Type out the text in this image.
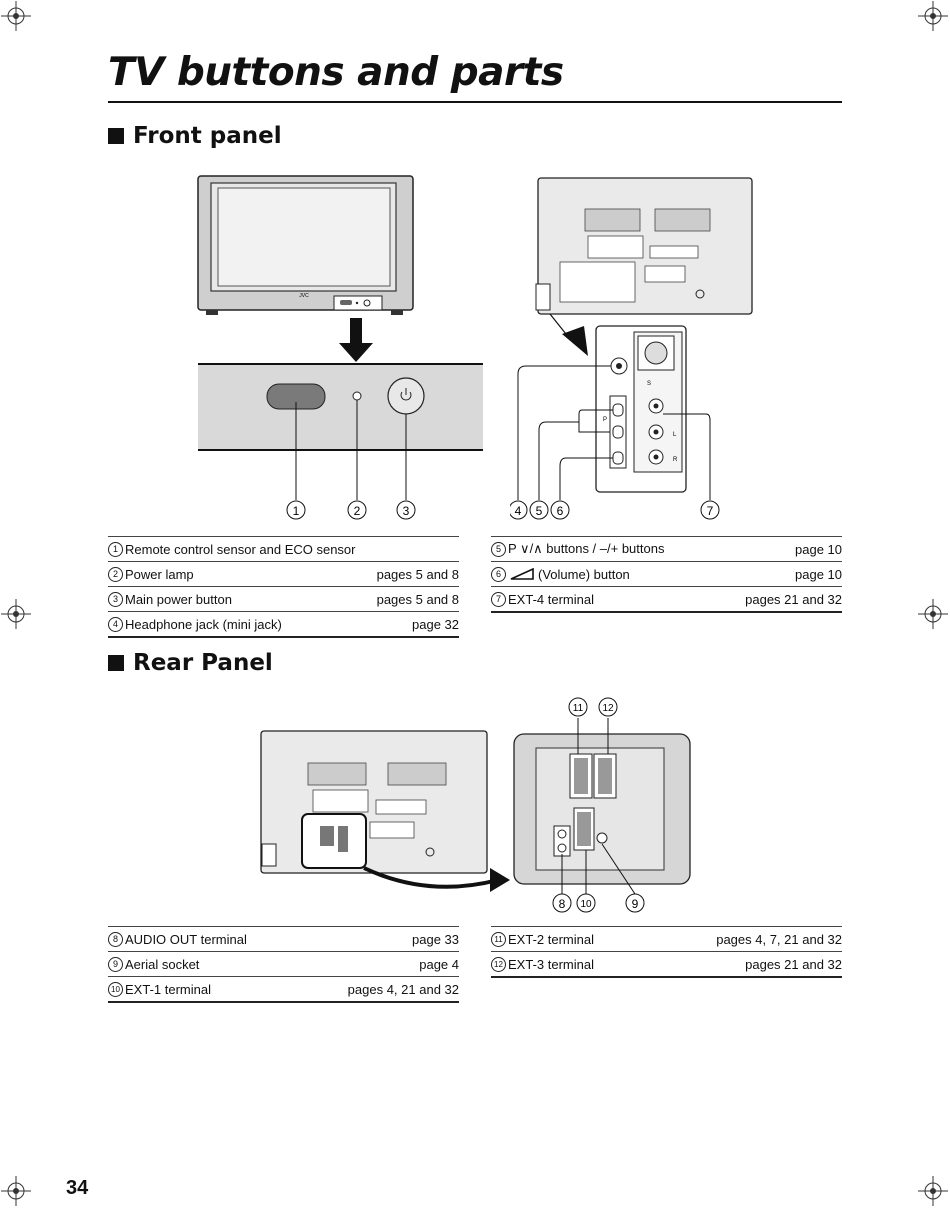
TV buttons and parts
Front panel
JVC
1	2	3
S
L
R
P
4 5 6	7
1 Remote control sensor and ECO sensor
2 Power lamp	pages 5 and 8
3 Main power button	pages 5 and 8
4 Headphone jack (mini jack)	page 32
5 P ∨/∧ buttons / –/+ buttons	page 10
6	(Volume) button	page 10
7 EXT-4 terminal	pages 21 and 32
Rear Panel
11 12
8 10	9
8 AUDIO OUT terminal	page 33
9 Aerial socket	page 4
10 EXT-1 terminal	pages 4, 21 and 32
11 EXT-2 terminal	pages 4, 7, 21 and 32
12 EXT-3 terminal	pages 21 and 32
34
